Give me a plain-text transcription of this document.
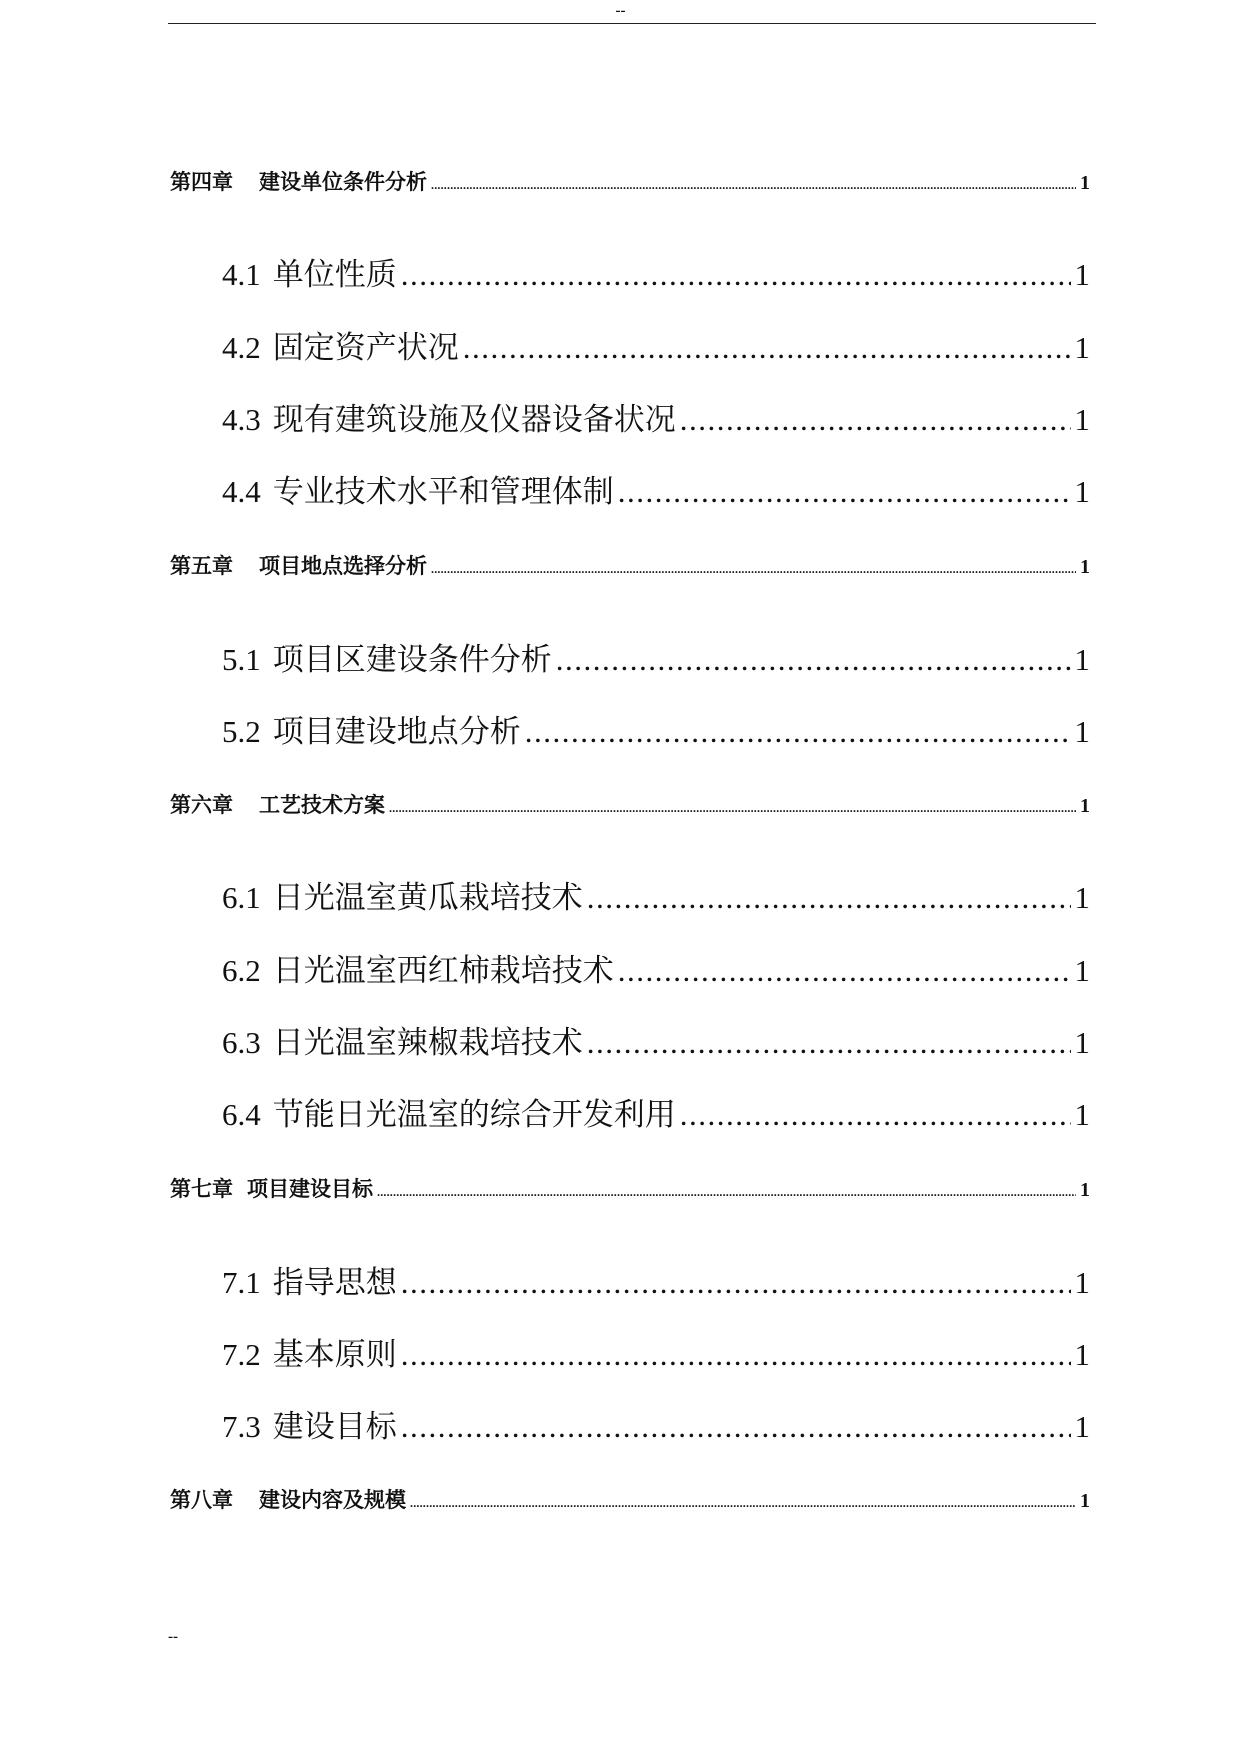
--
第四章 建设单位条件分析 .....	1
4.1 单位性质 .....	1
4.2 固定资产状况 .....	1
4.3 现有建筑设施及仪器设备状况 .....	1
4.4 专业技术水平和管理体制 .....	1
第五章 项目地点选择分析 .....	1
5.1 项目区建设条件分析 .....	1
5.2 项目建设地点分析 .....	1
第六章 工艺技术方案 .....	1
6.1 日光温室黄瓜栽培技术 .....	1
6.2 日光温室西红柿栽培技术 .....	1
6.3 日光温室辣椒栽培技术 .....	1
6.4 节能日光温室的综合开发利用 .....	1
第七章 项目建设目标 .....	1
7.1 指导思想 .....	1
7.2 基本原则 .....	1
7.3 建设目标 .....	1
第八章 建设内容及规模 .....	1
--
